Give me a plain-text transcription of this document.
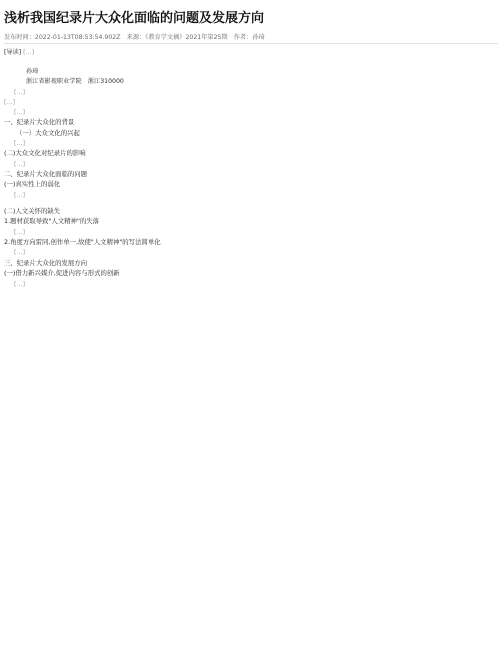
浅析我国纪录片大众化面临的问题及发展方向
发布时间：2022-01-13T08:53:54.902Z　来源：《教育学文摘》2021年第25期　作者：孙琦

[导读] […]

孙琦

浙江省影视职业学院　浙江310000

[…]

[…]

[…]

一、纪录片大众化的背景

（一）大众文化的兴起

[…]

(二)大众文化对纪录片的影响

[…]

二、纪录片大众化面临的问题

(一)真实性上的弱化

[…]

(二)人文关怀的缺失

1.题材获取导致"人文精神"的失落

[…]

2.角度方向雷同,创作单一,故使"人文精神"的写法简单化

[…]

三、纪录片大众化的发展方向

(一)借力新兴媒介,促进内容与形式的创新

[…]
